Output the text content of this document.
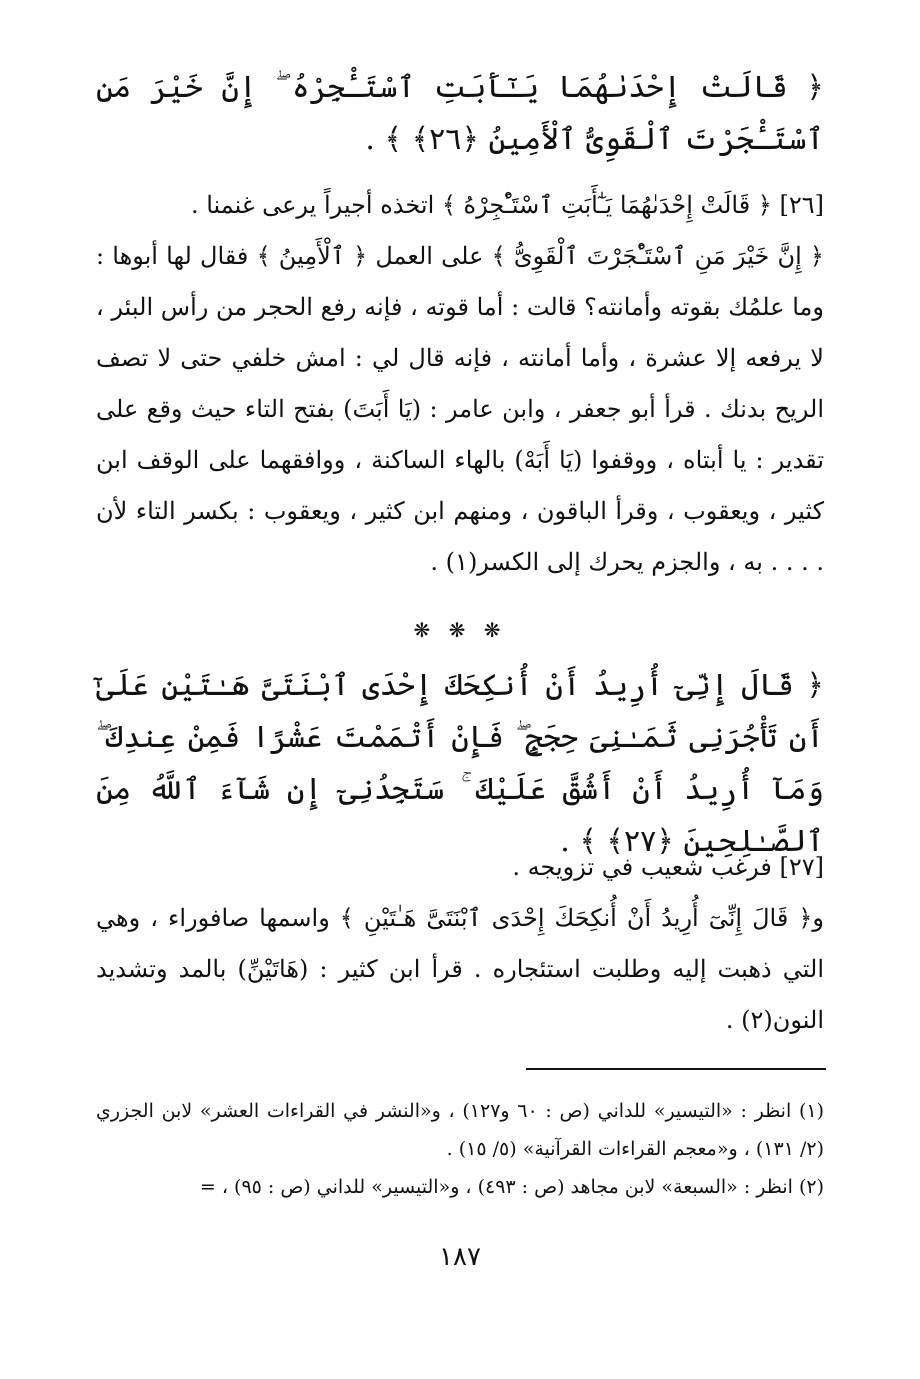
﴿ قَالَتْ إِحْدَىٰهُمَا يَـٰٓأَبَتِ ٱسْتَـْٔجِرْهُ ۖ إِنَّ خَيْرَ مَنِ ٱسْتَـْٔجَرْتَ ٱلْقَوِىُّ ٱلْأَمِينُ ﴿٢٦﴾ ﴾ .

[٢٦] ﴿ قَالَتْ إِحْدَىٰهُمَا يَـٰٓأَبَتِ ٱسْتَـْٔجِرْهُ ﴾ اتخذه أجيراً يرعى غنمنا .

﴿ إِنَّ خَيْرَ مَنِ ٱسْتَـْٔجَرْتَ ٱلْقَوِىُّ ﴾ على العمل ﴿ ٱلْأَمِينُ ﴾ فقال لها أبوها : وما علمُك بقوته وأمانته؟ قالت : أما قوته ، فإنه رفع الحجر من رأس البئر ، لا يرفعه إلا عشرة ، وأما أمانته ، فإنه قال لي : امش خلفي حتى لا تصف الريح بدنك . قرأ أبو جعفر ، وابن عامر : (يَا أَبَتَ) بفتح التاء حيث وقع على تقدير : يا أبتاه ، ووقفوا (يَا أَبَهْ) بالهاء الساكنة ، ووافقهما على الوقف ابن كثير ، ويعقوب ، وقرأ الباقون ، ومنهم ابن كثير ، ويعقوب : بكسر التاء لأن . . . . به ، والجزم يحرك إلى الكسر(١) .

❋ ❋ ❋
﴿ قَالَ إِنِّىٓ أُرِيدُ أَنْ أُنكِحَكَ إِحْدَى ٱبْنَتَىَّ هَـٰتَيْنِ عَلَىٰٓ أَن تَأْجُرَنِى ثَمَـٰنِىَ حِجَجٍ ۖ فَإِنْ أَتْمَمْتَ عَشْرًا فَمِنْ عِندِكَ ۖ وَمَآ أُرِيدُ أَنْ أَشُقَّ عَلَيْكَ ۚ سَتَجِدُنِىٓ إِن شَآءَ ٱللَّهُ مِنَ ٱلصَّـٰلِحِينَ ﴿٢٧﴾ ﴾ .

[٢٧] فرغب شعيب في تزويجه .

و﴿ قَالَ إِنِّىٓ أُرِيدُ أَنْ أُنكِحَكَ إِحْدَى ٱبْنَتَىَّ هَـٰتَيْنِ ﴾ واسمها صافوراء ، وهي التي ذهبت إليه وطلبت استئجاره . قرأ ابن كثير : (هَاتَيْنِّ) بالمد وتشديد النون(٢) .

(١) انظر : «التيسير» للداني (ص : ٦٠ و١٢٧) ، و«النشر في القراءات العشر» لابن الجزري (٢/ ١٣١) ، و«معجم القراءات القرآنية» (٥/ ١٥) .

(٢) انظر : «السبعة» لابن مجاهد (ص : ٤٩٣) ، و«التيسير» للداني (ص : ٩٥) ، =

١٨٧
